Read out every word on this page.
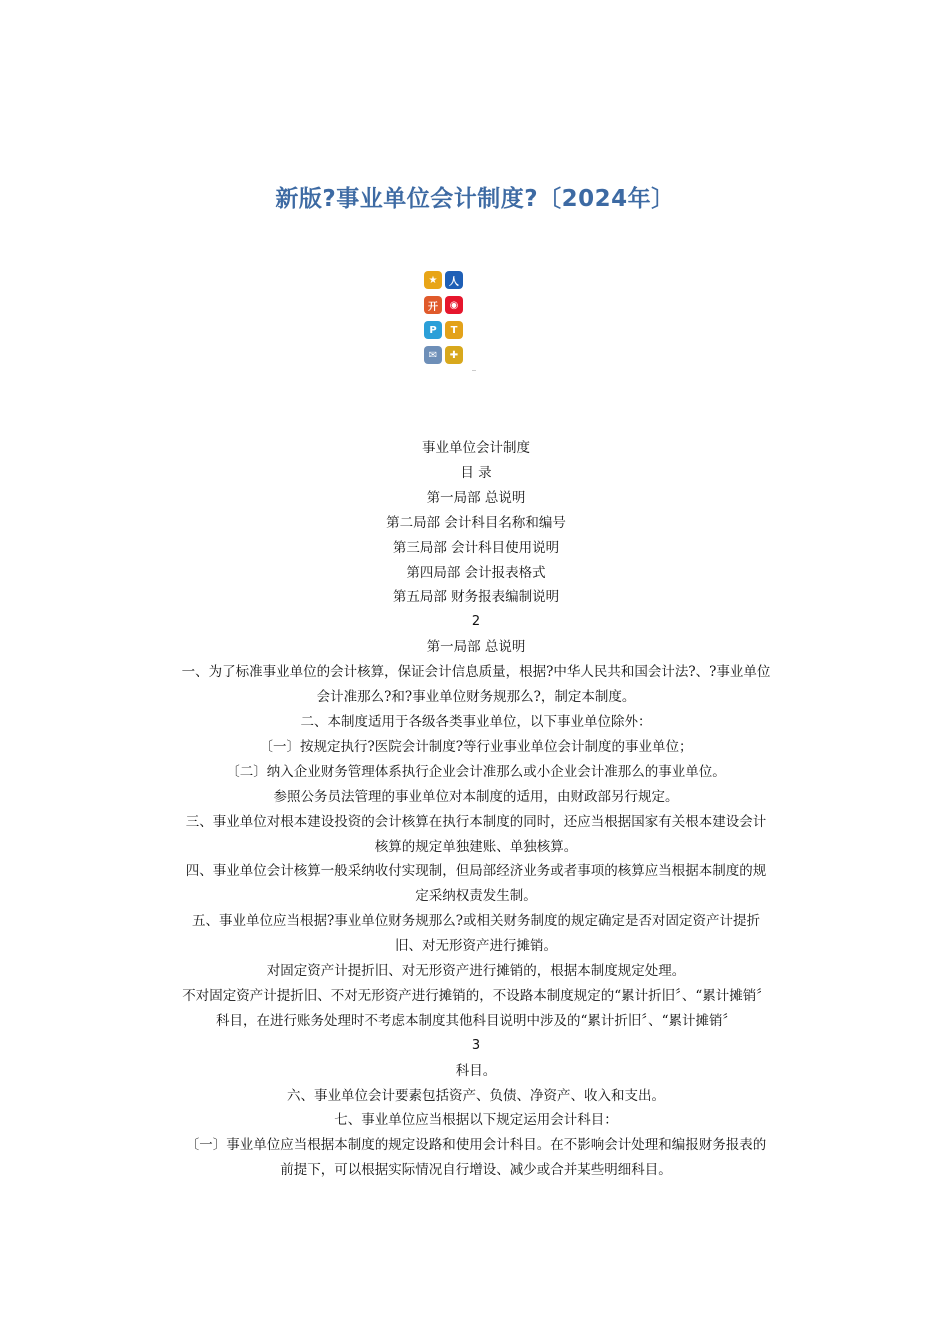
新版?事业单位会计制度?〔2024年〕
★	人
开	◉
P	T
✉	✚

事业单位会计制度

目 录

第一局部 总说明

第二局部 会计科目名称和编号

第三局部 会计科目使用说明

第四局部 会计报表格式

第五局部 财务报表编制说明

2

第一局部 总说明

一、为了标准事业单位的会计核算，保证会计信息质量，根据?中华人民共和国会计法?、?事业单位会计准那么?和?事业单位财务规那么?，制定本制度。

二、本制度适用于各级各类事业单位，以下事业单位除外：

〔一〕按规定执行?医院会计制度?等行业事业单位会计制度的事业单位；

〔二〕纳入企业财务管理体系执行企业会计准那么或小企业会计准那么的事业单位。

参照公务员法管理的事业单位对本制度的适用，由财政部另行规定。

三、事业单位对根本建设投资的会计核算在执行本制度的同时，还应当根据国家有关根本建设会计核算的规定单独建账、单独核算。

四、事业单位会计核算一般采纳收付实现制，但局部经济业务或者事项的核算应当根据本制度的规定采纳权责发生制。

五、事业单位应当根据?事业单位财务规那么?或相关财务制度的规定确定是否对固定资产计提折旧、对无形资产进行摊销。

对固定资产计提折旧、对无形资产进行摊销的，根据本制度规定处理。

不对固定资产计提折旧、不对无形资产进行摊销的，不设路本制度规定的“累计折旧〞、“累计摊销〞科目，在进行账务处理时不考虑本制度其他科目说明中涉及的“累计折旧〞、“累计摊销〞

3

科目。

六、事业单位会计要素包括资产、负债、净资产、收入和支出。

七、事业单位应当根据以下规定运用会计科目：

〔一〕事业单位应当根据本制度的规定设路和使用会计科目。在不影响会计处理和编报财务报表的前提下，可以根据实际情况自行增设、减少或合并某些明细科目。
